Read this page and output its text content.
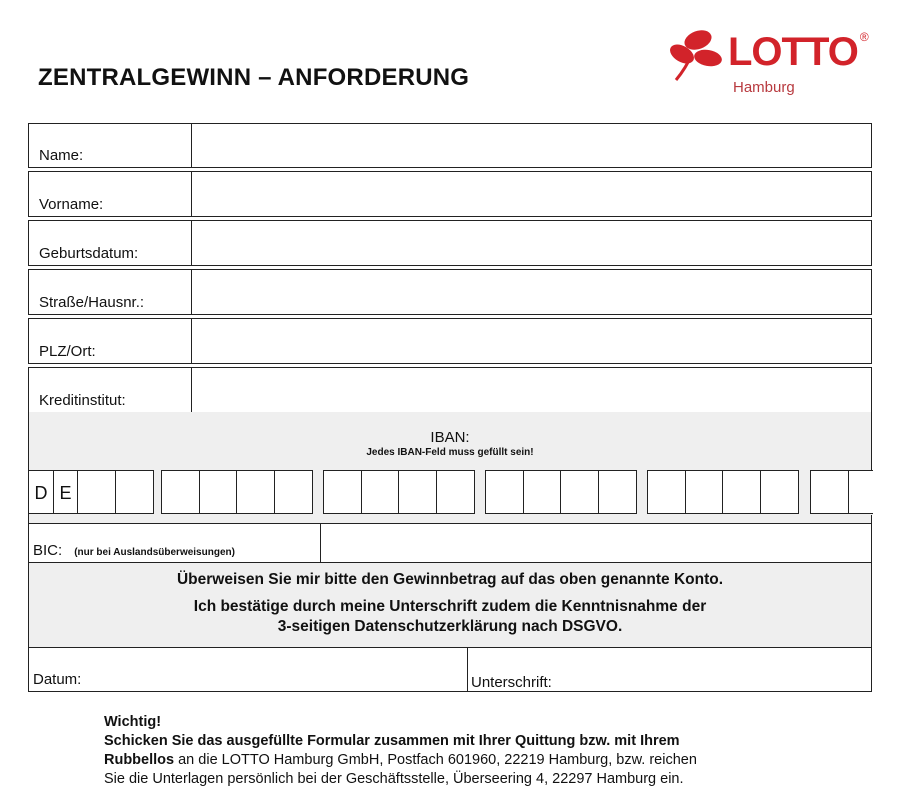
ZENTRALGEWINN – ANFORDERUNG
LOTTO ®
Hamburg
Name:
Vorname:
Geburtsdatum:
Straße/Hausnr.:
PLZ/Ort:
Kreditinstitut:
IBAN:
Jedes IBAN-Feld muss gefüllt sein!
D E
BIC: (nur bei Auslandsüberweisungen)
Überweisen Sie mir bitte den Gewinnbetrag auf das oben genannte Konto.
Ich bestätige durch meine Unterschrift zudem die Kenntnisnahme der
3-seitigen Datenschutzerklärung nach DSGVO.
Datum:	Unterschrift:
Wichtig!
Schicken Sie das ausgefüllte Formular zusammen mit Ihrer Quittung bzw. mit Ihrem
Rubbellos an die LOTTO Hamburg GmbH, Postfach 601960, 22219 Hamburg, bzw. reichen
Sie die Unterlagen persönlich bei der Geschäftsstelle, Überseering 4, 22297 Hamburg ein.
